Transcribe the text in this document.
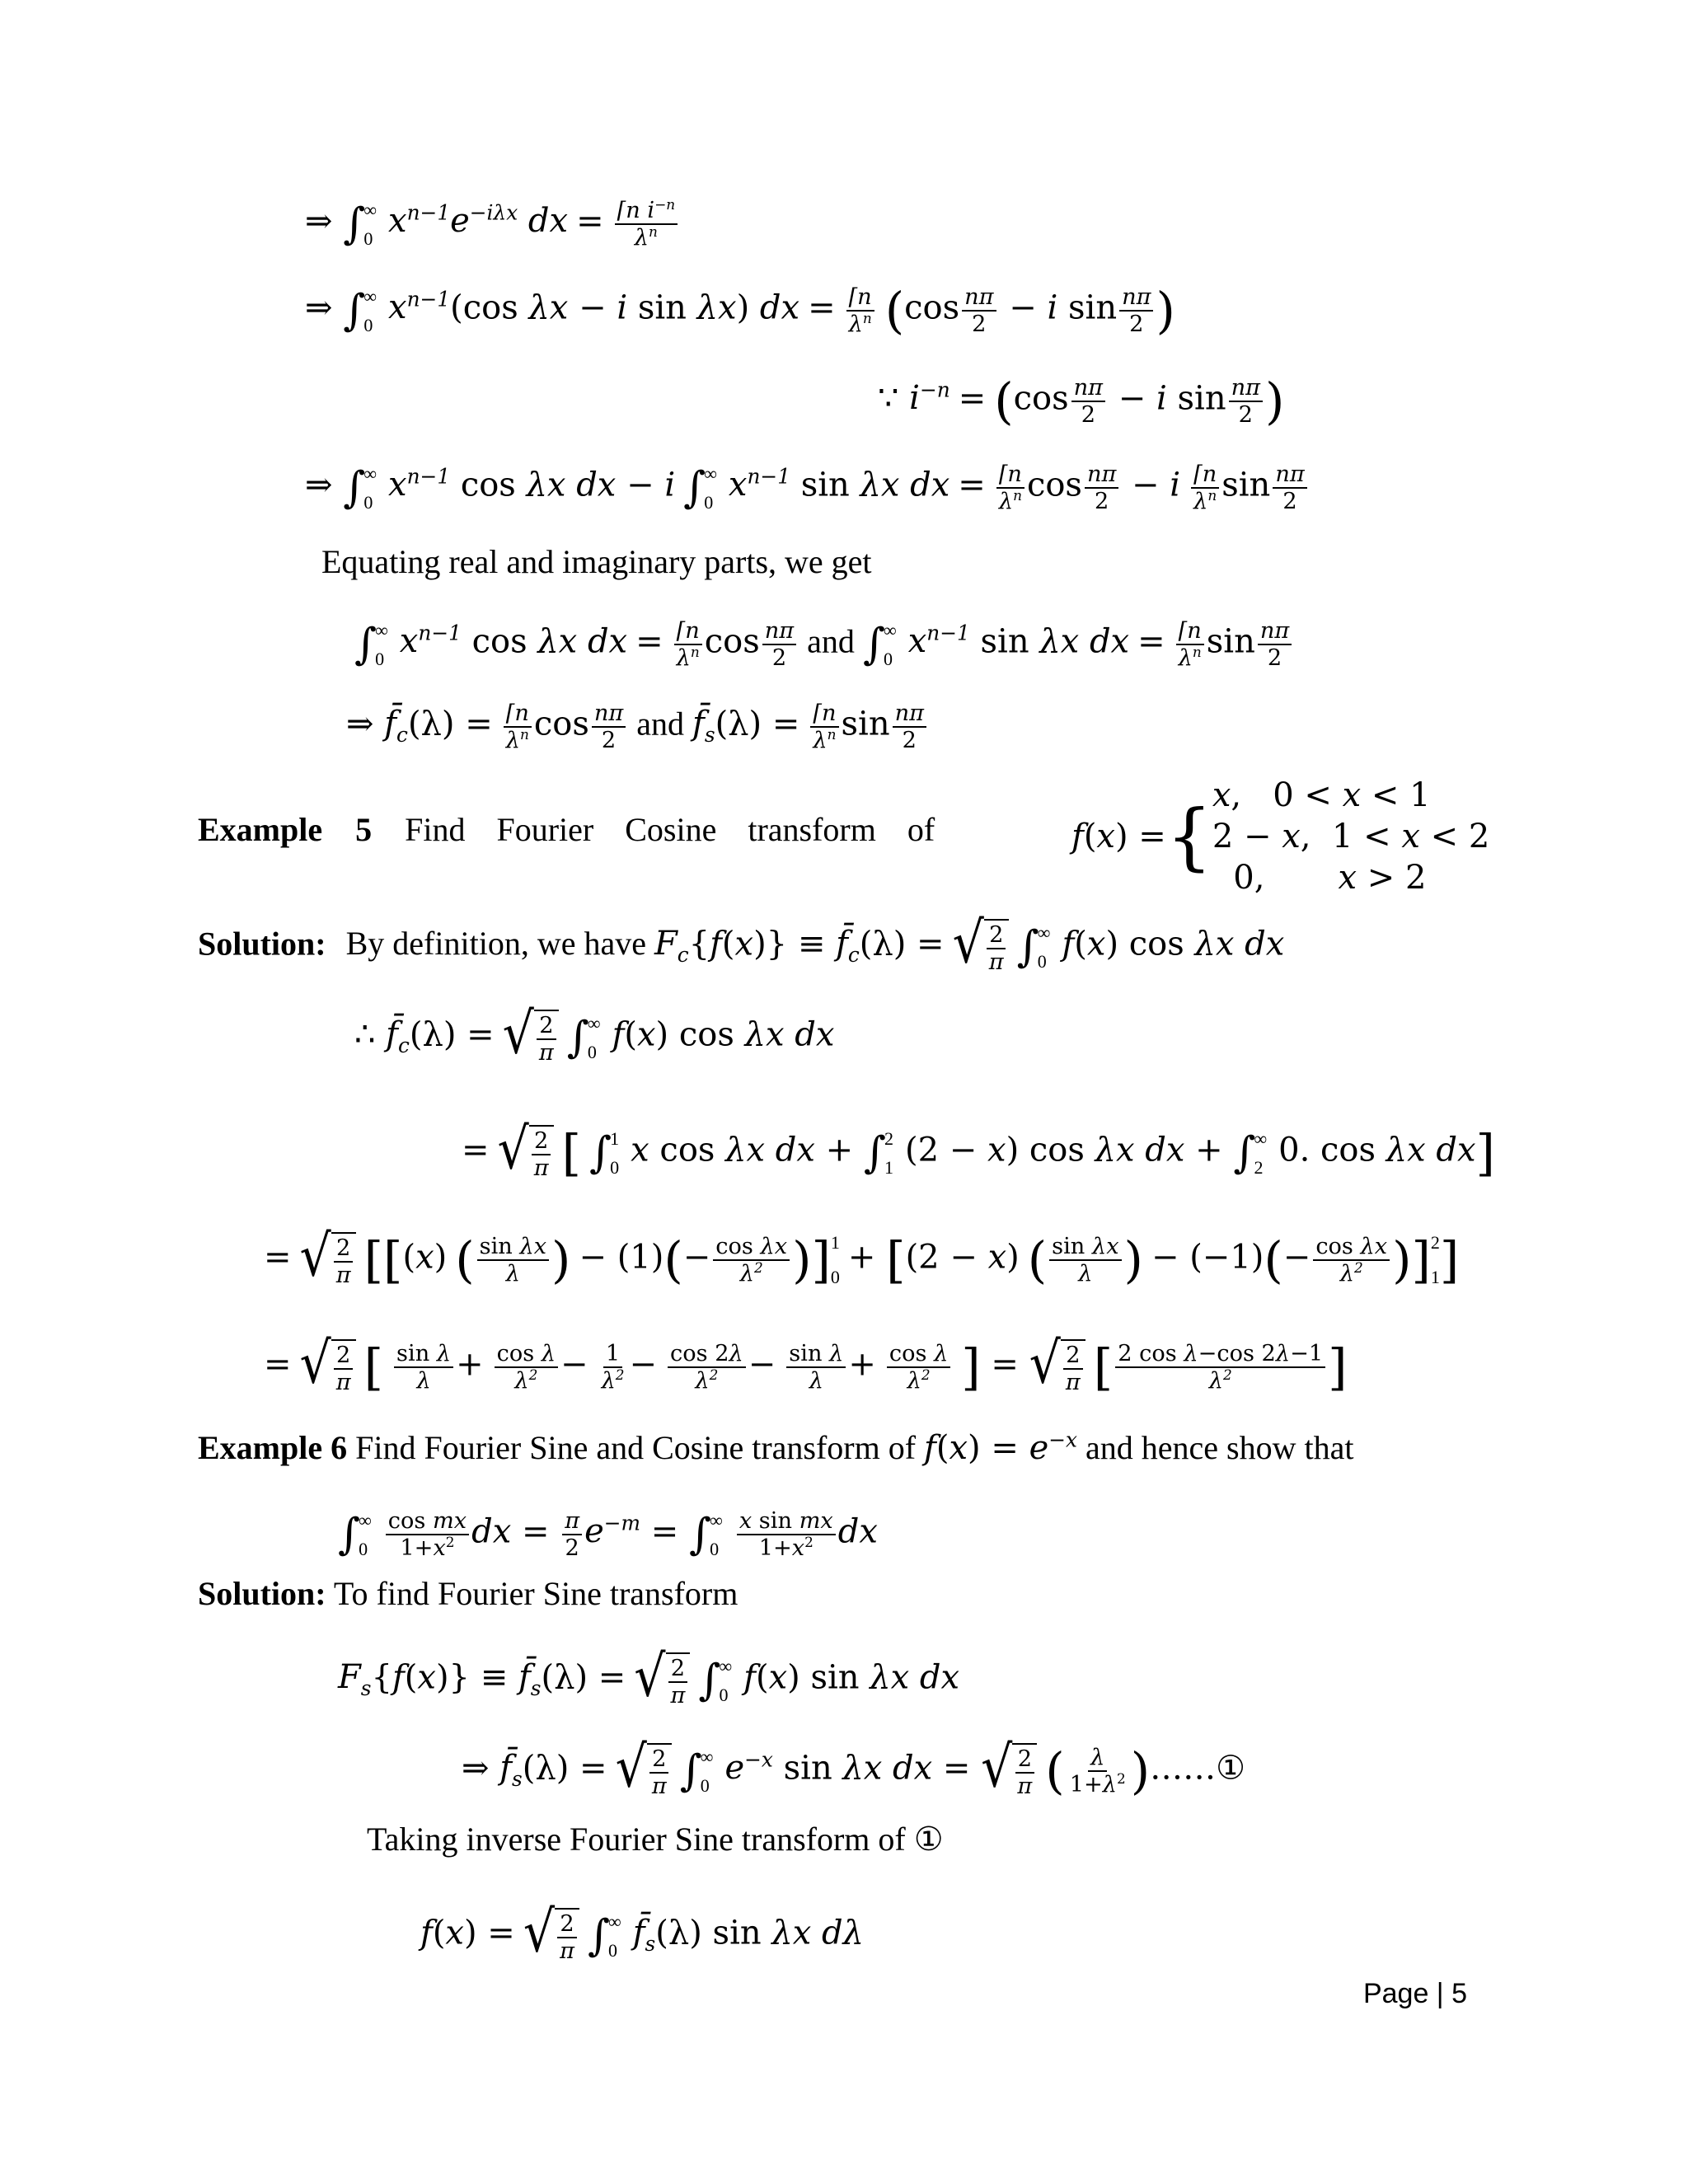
⇒ ∫
∞
0 $x^{n-1}e^{-i\lambda x}$ dx = $\frac{⌈n i^{-n}}{\lambda^n}$
⇒ ∫
∞
0 $x^{n-1}(\cos$ λx − i sin λx) dx = $\frac{⌈n}{\lambda^n} (\cos \frac{n\pi}{2} - i$ $\sin \frac{n\pi}{2}$ )
∵ $i^{-n} = (\cos \frac{n\pi}{2} - i$ $\sin \frac{n\pi}{2}$ )
⇒ ∫
∞
0 $x^{n-1}$ cos λx dx − i ∫
∞
0 $x^{n-1}$ sin λx dx = $\frac{⌈n}{\lambda^n}$ $\cos \frac{n\pi}{2} - i \frac{⌈n}{\lambda^n}$ $\sin \frac{n\pi}{2}$
Equating real and imaginary parts, we get
∫
∞
0 $x^{n-1}$ cos λx dx = $\frac{⌈n}{\lambda^n}$ $\cos \frac{n\pi}{2}$ and ∫
∞
0 $x^{n-1}$ sin λx dx = $\frac{⌈n}{\lambda^n}$ $\sin \frac{n\pi}{2}$
⇒ $f̄_c(\lambda) = \frac{⌈n}{\lambda^n}$ $\cos \frac{n\pi}{2}$ and $f̄_s(\lambda) = \frac{⌈n}{\lambda^n}$ $\sin \frac{n\pi}{2}$
Example 5 Find Fourier Cosine transform of	f(x) ={ x,   0 < x < 1
2 − x,  1 < x < 2
0,       x > 2
Solution: By definition, we have $F_c\{f(x)\}$ ≡ $f̄_c(\lambda)$ = √ $\frac{2}{\pi}$
∫
∞
0 f(x) cos λx dx
∴ $f̄_c(\lambda)$ = √ $\frac{2}{\pi}$
∫
∞
0 f(x) cos λx dx
= √ $\frac{2}{\pi}$ [ ∫
1
0 x cos λx dx + ∫
2
1 (2 − x) cos λx dx + ∫
∞
2 0. cos λx dx]
= √ $\frac{2}{\pi} [[(x)$ ( $\frac{\text{sin λx}}{\lambda}$ ) − $(1)(- \frac{\text{cos λx}}{\lambda^2}$ )] 1
0
+ [(2 − x) ( $\frac{\text{sin λx}}{\lambda}$ ) − $(-1)(- \frac{\text{cos λx}}{\lambda^2}$ )] 2
1 ]
= √ $\frac{2}{\pi}$ [ $\frac{\text{sin λ}}{\lambda} + \frac{\text{cos λ}}{\lambda^2} - \frac{1}{\lambda^2} - \frac{\cos 2\lambda}{\lambda^2} - \frac{\text{sin λ}}{\lambda} + \frac{\text{cos λ}}{\lambda^2}$ ] = √ $\frac{2}{\pi}$ [ $\frac{\text{2 cos λ−cos 2λ−1}}{\lambda^2}$ ]
Example 6 Find Fourier Sine and Cosine transform of $f(x) = e^{-x}$ and hence show that
∫
∞
0
$\frac{\text{cos mx}}{1+x^2}$ dx = $\frac{\pi}{2} e^{-m}$ = ∫
∞
0
$\frac{\text{x sin mx}}{1+x^2}$ dx
Solution: To find Fourier Sine transform
$F_s\{f(x)\}$ ≡ $f̄_s(\lambda)$ = √ $\frac{2}{\pi}$
∫
∞
0 f(x) sin λx dx
⇒ $f̄_s(\lambda)$ = √ $\frac{2}{\pi}$
∫
∞
0 $e^{-x}$ sin λx dx = √ $\frac{2}{\pi}$ ( $\frac{\lambda}{1+\lambda^2}$ )……①
Taking inverse Fourier Sine transform of ①
f(x) = √ $\frac{2}{\pi}$
∫
∞
0 $f̄_s(\lambda)$ sin λx dλ
Page | 5
